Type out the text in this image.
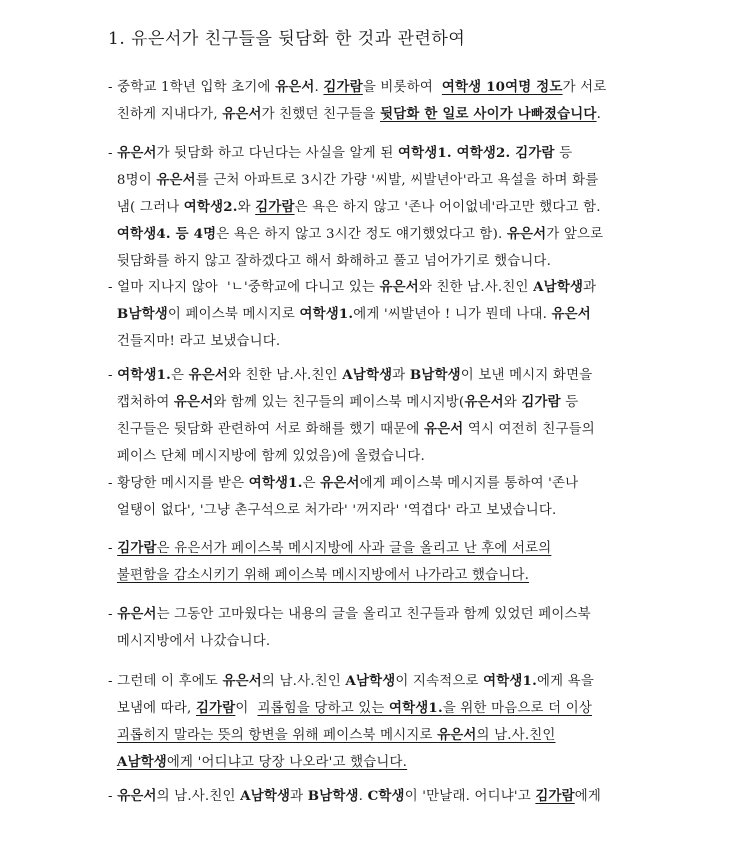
1. 유은서가 친구들을 뒷담화 한 것과 관련하여
- 중학교 1학년 입학 초기에 유은서. 김가람을 비롯하여  여학생 10여명 정도가 서로
친하게 지내다가, 유은서가 친했던 친구들을 뒷담화 한 일로 사이가 나빠졌습니다.
- 유은서가 뒷담화 하고 다닌다는 사실을 알게 된 여학생1. 여학생2. 김가람 등
8명이 유은서를 근처 아파트로 3시간 가량 '씨발, 씨발년아'라고 욕설을 하며 화를
냄( 그러나 여학생2.와 김가람은 욕은 하지 않고 '존나 어이없네'라고만 했다고 함.
여학생4. 등 4명은 욕은 하지 않고 3시간 정도 얘기했었다고 함). 유은서가 앞으로
뒷담화를 하지 않고 잘하겠다고 해서 화해하고 풀고 넘어가기로 했습니다.
- 얼마 지나지 않아  'ㄴ'중학교에 다니고 있는 유은서와 친한 남.사.친인 A남학생과
B남학생이 페이스북 메시지로 여학생1.에게 '씨발년아 ! 니가 뭔데 나대. 유은서
건들지마! 라고 보냈습니다.
- 여학생1.은 유은서와 친한 남.사.친인 A남학생과 B남학생이 보낸 메시지 화면을
캡처하여 유은서와 함께 있는 친구들의 페이스북 메시지방(유은서와 김가람 등
친구들은 뒷담화 관련하여 서로 화해를 했기 때문에 유은서 역시 여전히 친구들의
페이스 단체 메시지방에 함께 있었음)에 올렸습니다.
- 황당한 메시지를 받은 여학생1.은 유은서에게 페이스북 메시지를 통하여 '존나
얼탱이 없다', '그냥 촌구석으로 처가라' '꺼지라' '역겹다' 라고 보냈습니다.
- 김가람은 유은서가 페이스북 메시지방에 사과 글을 올리고 난 후에 서로의
불편함을 감소시키기 위해 페이스북 메시지방에서 나가라고 했습니다.
- 유은서는 그동안 고마웠다는 내용의 글을 올리고 친구들과 함께 있었던 페이스북
메시지방에서 나갔습니다.
- 그런데 이 후에도 유은서의 남.사.친인 A남학생이 지속적으로 여학생1.에게 욕을
보냄에 따라, 김가람이  괴롭힘을 당하고 있는 여학생1.을 위한 마음으로 더 이상
괴롭히지 말라는 뜻의 항변을 위해 페이스북 메시지로 유은서의 남.사.친인
A남학생에게 '어디냐고 당장 나오라'고 했습니다.
- 유은서의 남.사.친인 A남학생과 B남학생. C학생이 '만날래. 어디냐'고 김가람에게
